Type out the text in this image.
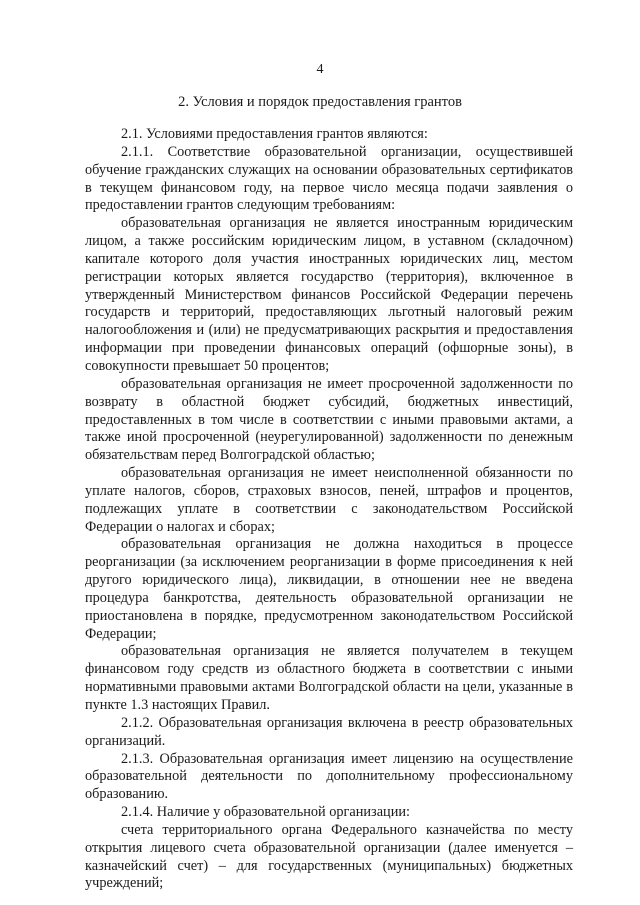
4
2. Условия и порядок предоставления грантов

2.1. Условиями предоставления грантов являются:

2.1.1. Соответствие образовательной организации, осуществившей обучение гражданских служащих на основании образовательных сертификатов в текущем финансовом году, на первое число месяца подачи заявления о предоставлении грантов следующим требованиям:

образовательная организация не является иностранным юридическим лицом, а также российским юридическим лицом, в уставном (складочном) капитале которого доля участия иностранных юридических лиц, местом регистрации которых является государство (территория), включенное в утвержденный Министерством финансов Российской Федерации перечень государств и территорий, предоставляющих льготный налоговый режим налогообложения и (или) не предусматривающих раскрытия и предоставления информации при проведении финансовых операций (офшорные зоны), в совокупности превышает 50 процентов;

образовательная организация не имеет просроченной задолженности по возврату в областной бюджет субсидий, бюджетных инвестиций, предоставленных в том числе в соответствии с иными правовыми актами, а также иной просроченной (неурегулированной) задолженности по денежным обязательствам перед Волгоградской областью;

образовательная организация не имеет неисполненной обязанности по уплате налогов, сборов, страховых взносов, пеней, штрафов и процентов, подлежащих уплате в соответствии с законодательством Российской Федерации о налогах и сборах;

образовательная организация не должна находиться в процессе реорганизации (за исключением реорганизации в форме присоединения к ней другого юридического лица), ликвидации, в отношении нее не введена процедура банкротства, деятельность образовательной организации не приостановлена в порядке, предусмотренном законодательством Российской Федерации;

образовательная организация не является получателем в текущем финансовом году средств из областного бюджета в соответствии с иными нормативными правовыми актами Волгоградской области на цели, указанные в пункте 1.3 настоящих Правил.

2.1.2. Образовательная организация включена в реестр образовательных организаций.

2.1.3. Образовательная организация имеет лицензию на осуществление образовательной деятельности по дополнительному профессиональному образованию.

2.1.4. Наличие у образовательной организации:

счета территориального органа Федерального казначейства по месту открытия лицевого счета образовательной организации (далее именуется – казначейский счет) – для государственных (муниципальных) бюджетных учреждений;
